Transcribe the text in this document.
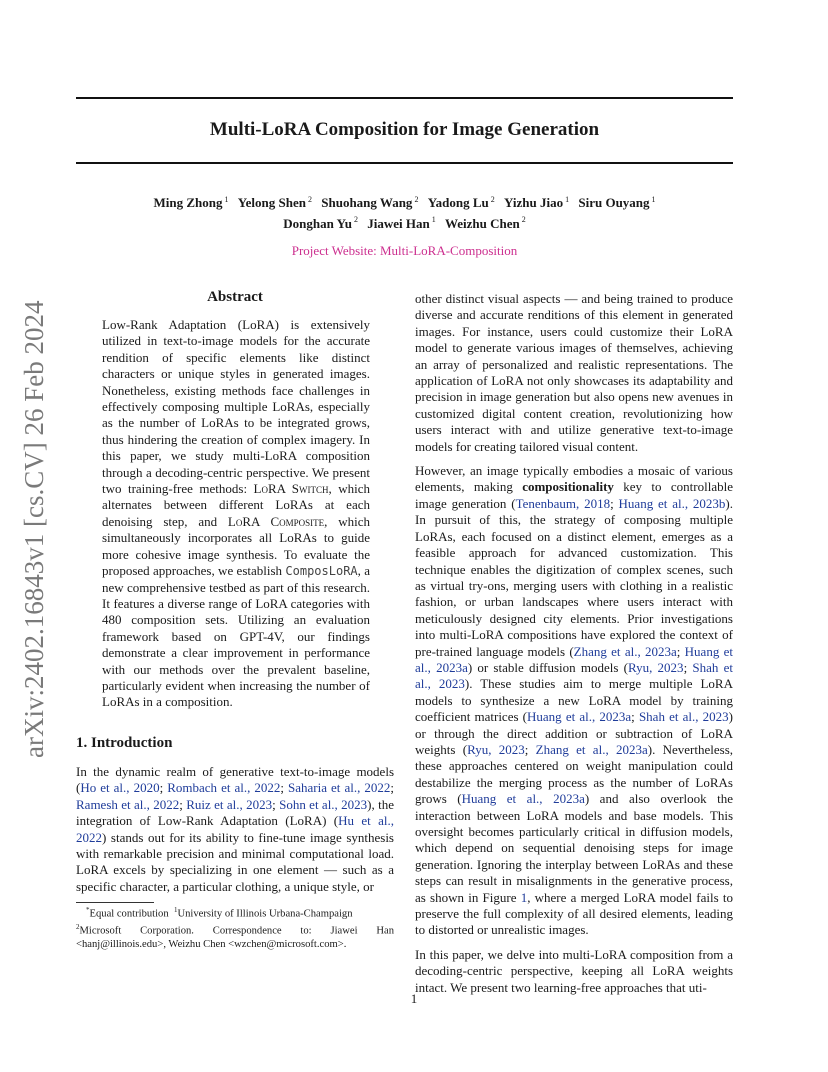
arXiv:2402.16843v1 [cs.CV] 26 Feb 2024
Multi-LoRA Composition for Image Generation
Ming Zhong $^1$ Yelong Shen $^2$ Shuohang Wang $^2$ Yadong Lu $^2$ Yizhu Jiao $^1$ Siru Ouyang $^1$
Donghan Yu $^2$ Jiawei Han $^1$ Weizhu Chen $^2$
Project Website: Multi-LoRA-Composition
Abstract

Low-Rank Adaptation (LoRA) is extensively utilized in text-to-image models for the accurate rendition of specific elements like distinct characters or unique styles in generated images. Nonetheless, existing methods face challenges in effectively composing multiple LoRAs, especially as the number of LoRAs to be integrated grows, thus hindering the creation of complex imagery. In this paper, we study multi-LoRA composition through a decoding-centric perspective. We present two training-free methods: LoRA Switch, which alternates between different LoRAs at each denoising step, and LoRA Composite, which simultaneously incorporates all LoRAs to guide more cohesive image synthesis. To evaluate the proposed approaches, we establish ComposLoRA, a new comprehensive testbed as part of this research. It features a diverse range of LoRA categories with 480 composition sets. Utilizing an evaluation framework based on GPT-4V, our findings demonstrate a clear improvement in performance with our methods over the prevalent baseline, particularly evident when increasing the number of LoRAs in a composition.

1. Introduction

In the dynamic realm of generative text-to-image models (Ho et al., 2020; Rombach et al., 2022; Saharia et al., 2022; Ramesh et al., 2022; Ruiz et al., 2023; Sohn et al., 2023), the integration of Low-Rank Adaptation (LoRA) (Hu et al., 2022) stands out for its ability to fine-tune image synthesis with remarkable precision and minimal computational load. LoRA excels by specializing in one element — such as a specific character, a particular clothing, a unique style, or

*Equal contribution $^1$University of Illinois Urbana-Champaign

$^2$Microsoft Corporation. Correspondence to: Jiawei Han <hanj@illinois.edu>, Weizhu Chen <wzchen@microsoft.com>.

other distinct visual aspects — and being trained to produce diverse and accurate renditions of this element in generated images. For instance, users could customize their LoRA model to generate various images of themselves, achieving an array of personalized and realistic representations. The application of LoRA not only showcases its adaptability and precision in image generation but also opens new avenues in customized digital content creation, revolutionizing how users interact with and utilize generative text-to-image models for creating tailored visual content.

However, an image typically embodies a mosaic of various elements, making compositionality key to controllable image generation (Tenenbaum, 2018; Huang et al., 2023b). In pursuit of this, the strategy of composing multiple LoRAs, each focused on a distinct element, emerges as a feasible approach for advanced customization. This technique enables the digitization of complex scenes, such as virtual try-ons, merging users with clothing in a realistic fashion, or urban landscapes where users interact with meticulously designed city elements. Prior investigations into multi-LoRA compositions have explored the context of pre-trained language models (Zhang et al., 2023a; Huang et al., 2023a) or stable diffusion models (Ryu, 2023; Shah et al., 2023). These studies aim to merge multiple LoRA models to synthesize a new LoRA model by training coefficient matrices (Huang et al., 2023a; Shah et al., 2023) or through the direct addition or subtraction of LoRA weights (Ryu, 2023; Zhang et al., 2023a). Nevertheless, these approaches centered on weight manipulation could destabilize the merging process as the number of LoRAs grows (Huang et al., 2023a) and also overlook the interaction between LoRA models and base models. This oversight becomes particularly critical in diffusion models, which depend on sequential denoising steps for image generation. Ignoring the interplay between LoRAs and these steps can result in misalignments in the generative process, as shown in Figure 1, where a merged LoRA model fails to preserve the full complexity of all desired elements, leading to distorted or unrealistic images.

In this paper, we delve into multi-LoRA composition from a decoding-centric perspective, keeping all LoRA weights intact. We present two learning-free approaches that uti-

1
